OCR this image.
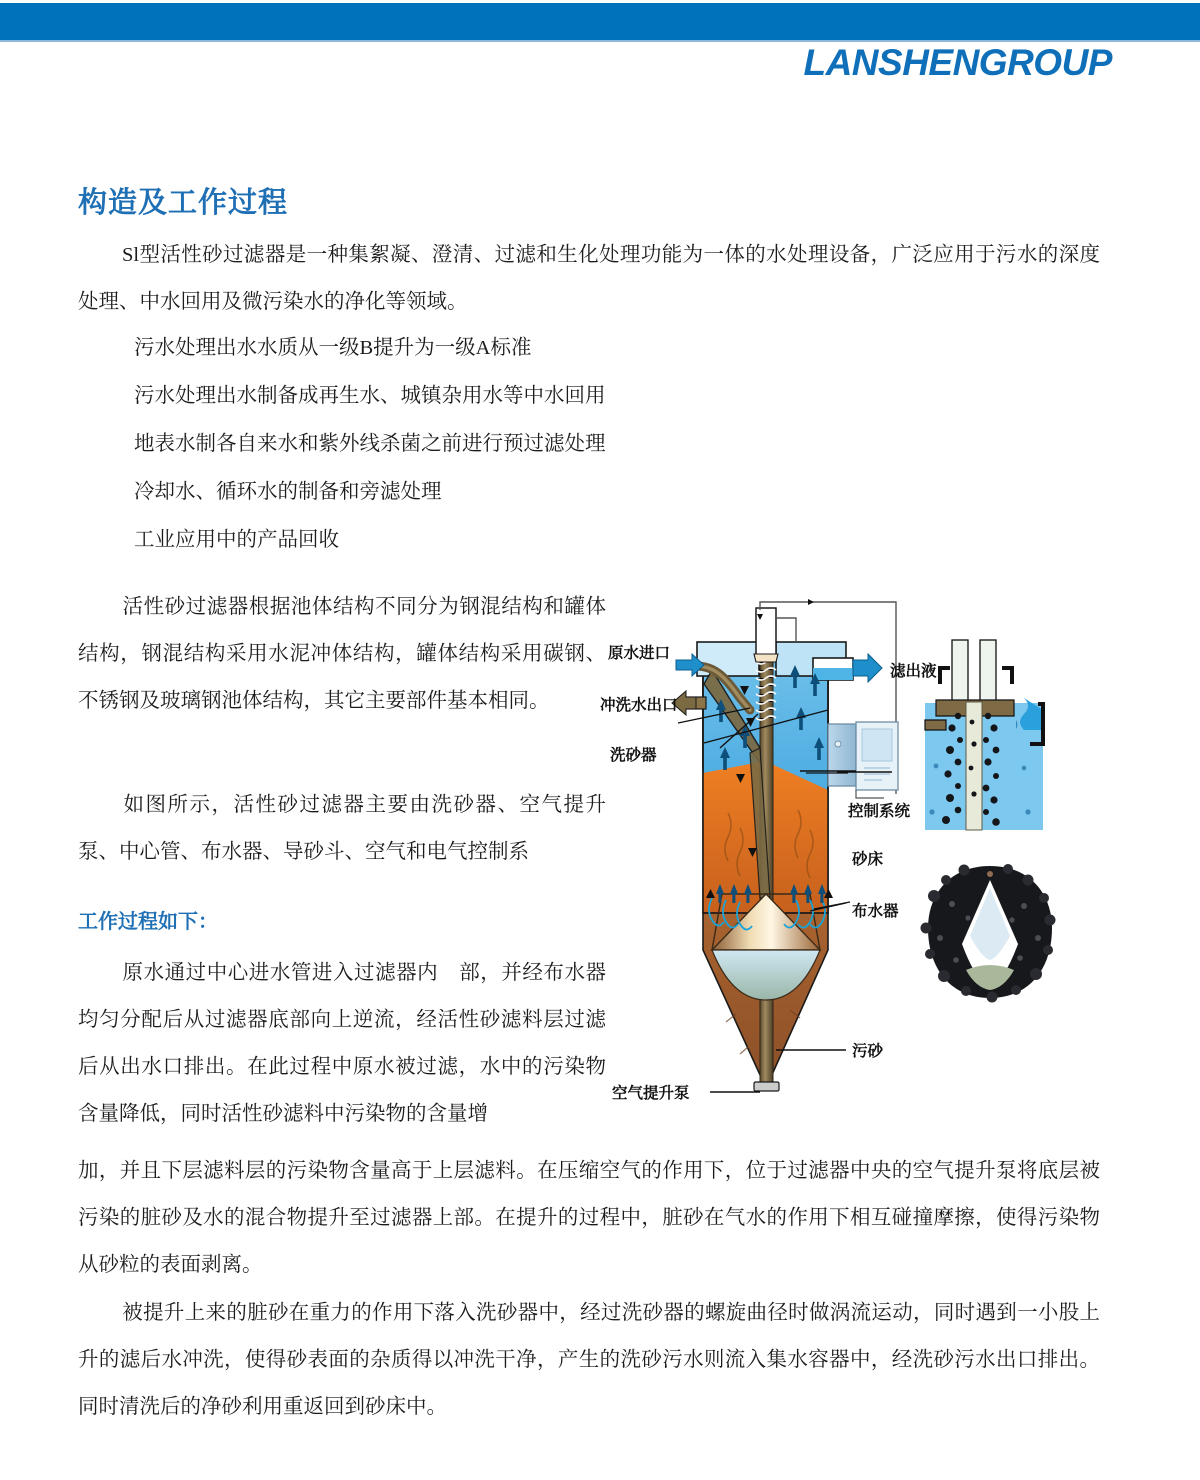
LANSHENGROUP
构造及工作过程
Sl型活性砂过滤器是一种集絮凝、澄清、过滤和生化处理功能为一体的水处理设备，广泛应用于污水的深度处理、中水回用及微污染水的净化等领域。
污水处理出水水质从一级B提升为一级A标准
污水处理出水制备成再生水、城镇杂用水等中水回用
地表水制各自来水和紫外线杀菌之前进行预过滤处理
冷却水、循环水的制备和旁滤处理
工业应用中的产品回收
活性砂过滤器根据池体结构不同分为钢混结构和罐体结构，钢混结构采用水泥冲体结构，罐体结构采用碳钢、不锈钢及玻璃钢池体结构，其它主要部件基本相同。
如图所示，活性砂过滤器主要由洗砂器、空气提升泵、中心管、布水器、导砂斗、空气和电气控制系
工作过程如下：
原水通过中心进水管进入过滤器内　部，并经布水器均匀分配后从过滤器底部向上逆流，经活性砂滤料层过滤后从出水口排出。在此过程中原水被过滤，水中的污染物含量降低，同时活性砂滤料中污染物的含量增
加，并且下层滤料层的污染物含量高于上层滤料。在压缩空气的作用下，位于过滤器中央的空气提升泵将底层被污染的脏砂及水的混合物提升至过滤器上部。在提升的过程中，脏砂在气水的作用下相互碰撞摩擦，使得污染物从砂粒的表面剥离。
被提升上来的脏砂在重力的作用下落入洗砂器中，经过洗砂器的螺旋曲径时做涡流运动，同时遇到一小股上升的滤后水冲洗，使得砂表面的杂质得以冲洗干净，产生的洗砂污水则流入集水容器中，经洗砂污水出口排出。同时清洗后的净砂利用重返回到砂床中。
原水进口
冲洗水出口
洗砂器
滤出液
控制系统
砂床
布水器
污砂
空气提升泵
